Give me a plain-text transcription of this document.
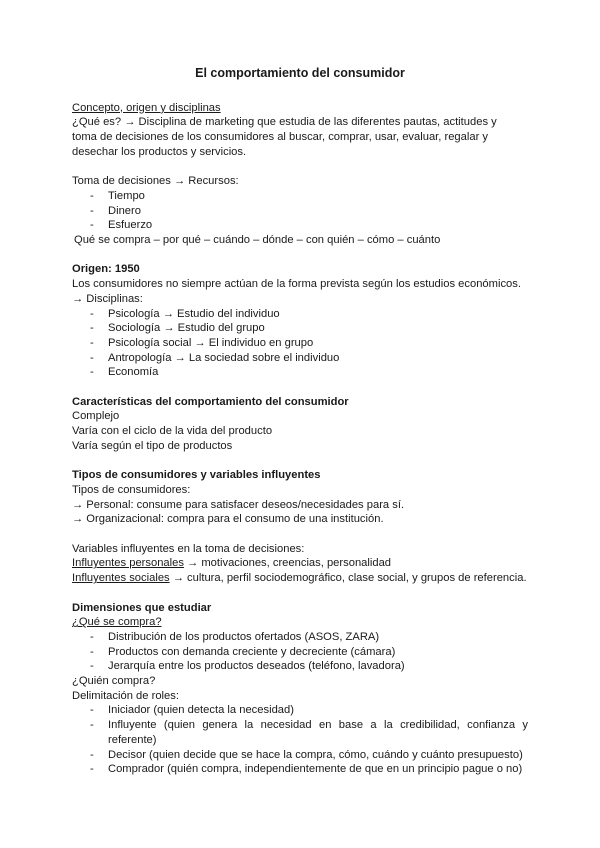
El comportamiento del consumidor
Concepto, origen y disciplinas
¿Qué es? → Disciplina de marketing que estudia de las diferentes pautas, actitudes y
toma de decisiones de los consumidores al buscar, comprar, usar, evaluar, regalar y
desechar los productos y servicios.
Toma de decisiones → Recursos:
- Tiempo
- Dinero
- Esfuerzo
Qué se compra – por qué – cuándo – dónde – con quién – cómo – cuánto
Origen: 1950
Los consumidores no siempre actúan de la forma prevista según los estudios económicos.
→ Disciplinas:
- Psicología → Estudio del individuo
- Sociología → Estudio del grupo
- Psicología social → El individuo en grupo
- Antropología → La sociedad sobre el individuo
- Economía
Características del comportamiento del consumidor
Complejo
Varía con el ciclo de la vida del producto
Varía según el tipo de productos
Tipos de consumidores y variables influyentes
Tipos de consumidores:
→ Personal: consume para satisfacer deseos/necesidades para sí.
→ Organizacional: compra para el consumo de una institución.
Variables influyentes en la toma de decisiones:
Influyentes personales → motivaciones, creencias, personalidad
Influyentes sociales → cultura, perfil sociodemográfico, clase social, y grupos de referencia.
Dimensiones que estudiar
¿Qué se compra?
- Distribución de los productos ofertados (ASOS, ZARA)
- Productos con demanda creciente y decreciente (cámara)
- Jerarquía entre los productos deseados (teléfono, lavadora)
¿Quién compra?
Delimitación de roles:
- Iniciador (quien detecta la necesidad)
- Influyente (quien genera la necesidad en base a la credibilidad, confianza y referente)
- Decisor (quien decide que se hace la compra, cómo, cuándo y cuánto presupuesto)
- Comprador (quién compra, independientemente de que en un principio pague o no)
